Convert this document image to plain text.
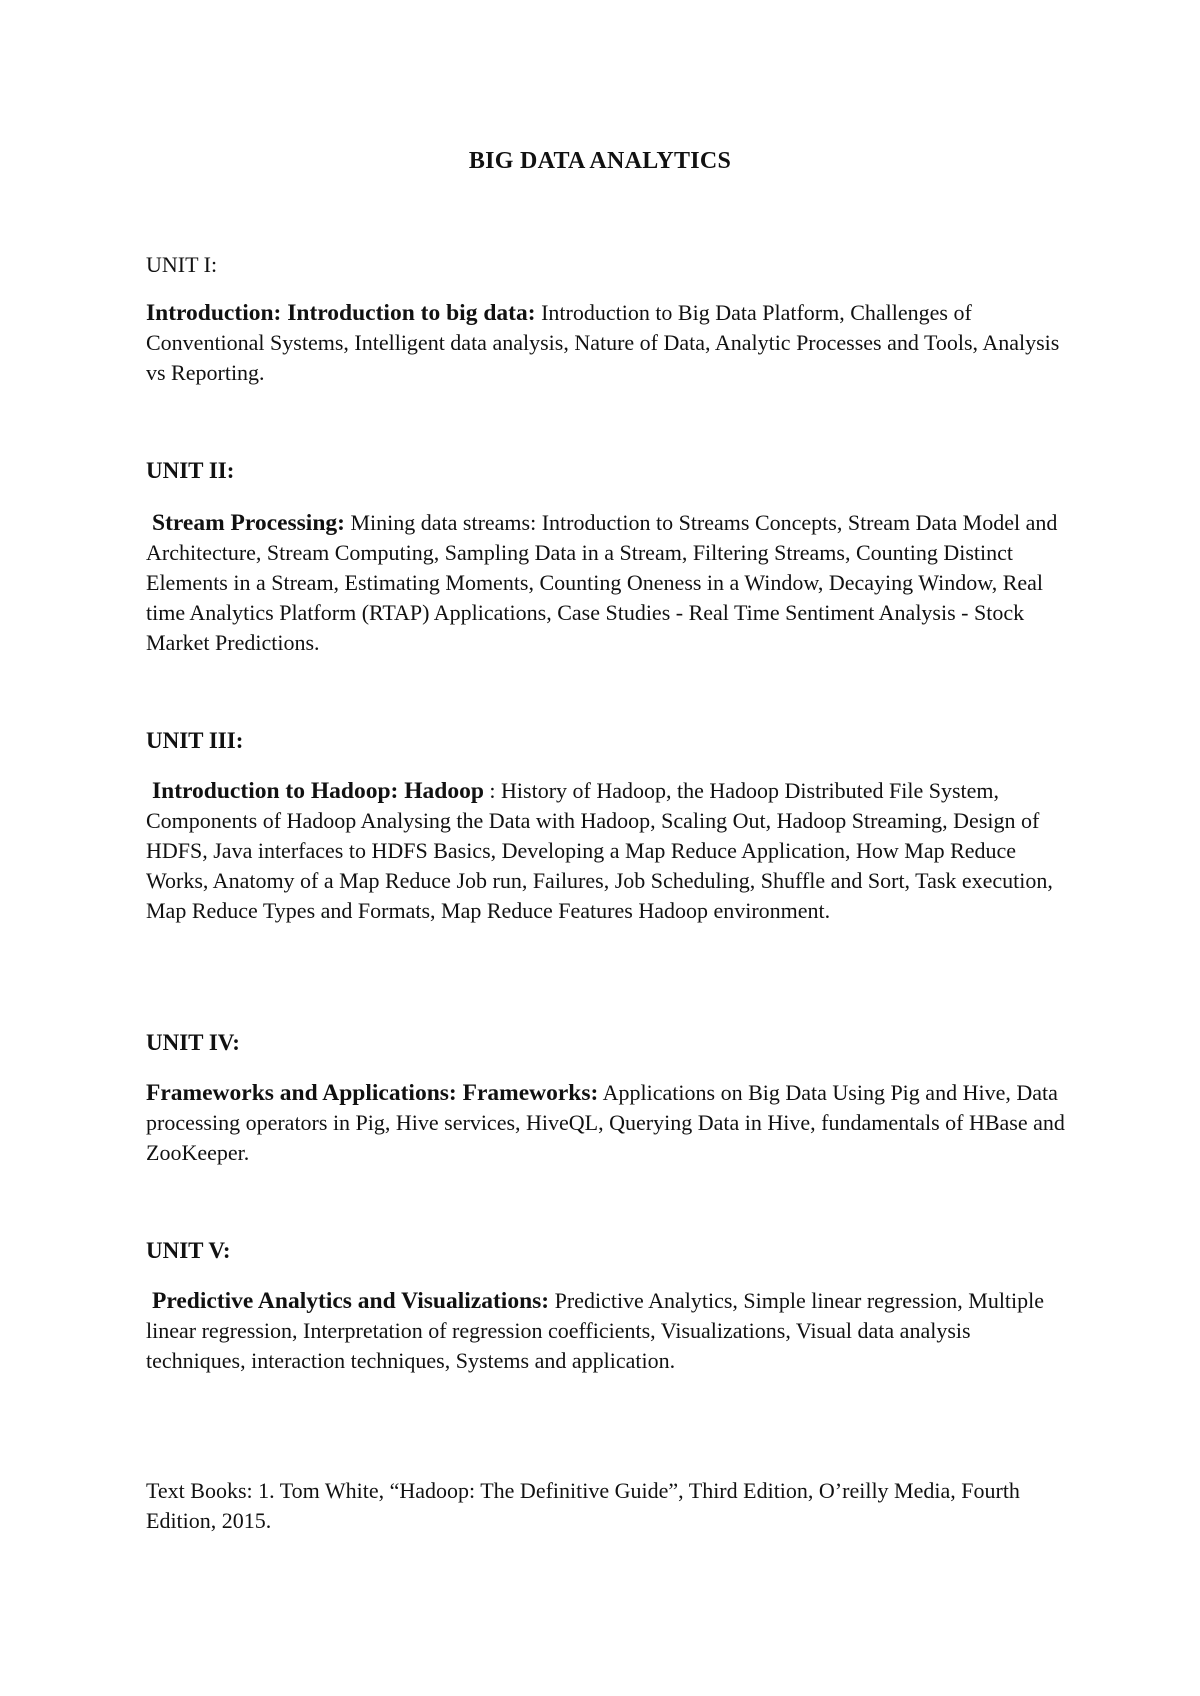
BIG DATA ANALYTICS
UNIT I:
Introduction: Introduction to big data: Introduction to Big Data Platform, Challenges of Conventional Systems, Intelligent data analysis, Nature of Data, Analytic Processes and Tools, Analysis vs Reporting.
UNIT II:
Stream Processing: Mining data streams: Introduction to Streams Concepts, Stream Data Model and Architecture, Stream Computing, Sampling Data in a Stream, Filtering Streams, Counting Distinct Elements in a Stream, Estimating Moments, Counting Oneness in a Window, Decaying Window, Real time Analytics Platform (RTAP) Applications, Case Studies - Real Time Sentiment Analysis - Stock Market Predictions.
UNIT III:
Introduction to Hadoop: Hadoop : History of Hadoop, the Hadoop Distributed File System, Components of Hadoop Analysing the Data with Hadoop, Scaling Out, Hadoop Streaming, Design of HDFS, Java interfaces to HDFS Basics, Developing a Map Reduce Application, How Map Reduce Works, Anatomy of a Map Reduce Job run, Failures, Job Scheduling, Shuffle and Sort, Task execution, Map Reduce Types and Formats, Map Reduce Features Hadoop environment.
UNIT IV:
Frameworks and Applications: Frameworks: Applications on Big Data Using Pig and Hive, Data processing operators in Pig, Hive services, HiveQL, Querying Data in Hive, fundamentals of HBase and ZooKeeper.
UNIT V:
Predictive Analytics and Visualizations: Predictive Analytics, Simple linear regression, Multiple linear regression, Interpretation of regression coefficients, Visualizations, Visual data analysis techniques, interaction techniques, Systems and application.
Text Books: 1. Tom White, “Hadoop: The Definitive Guide”, Third Edition, O’reilly Media, Fourth Edition, 2015.
